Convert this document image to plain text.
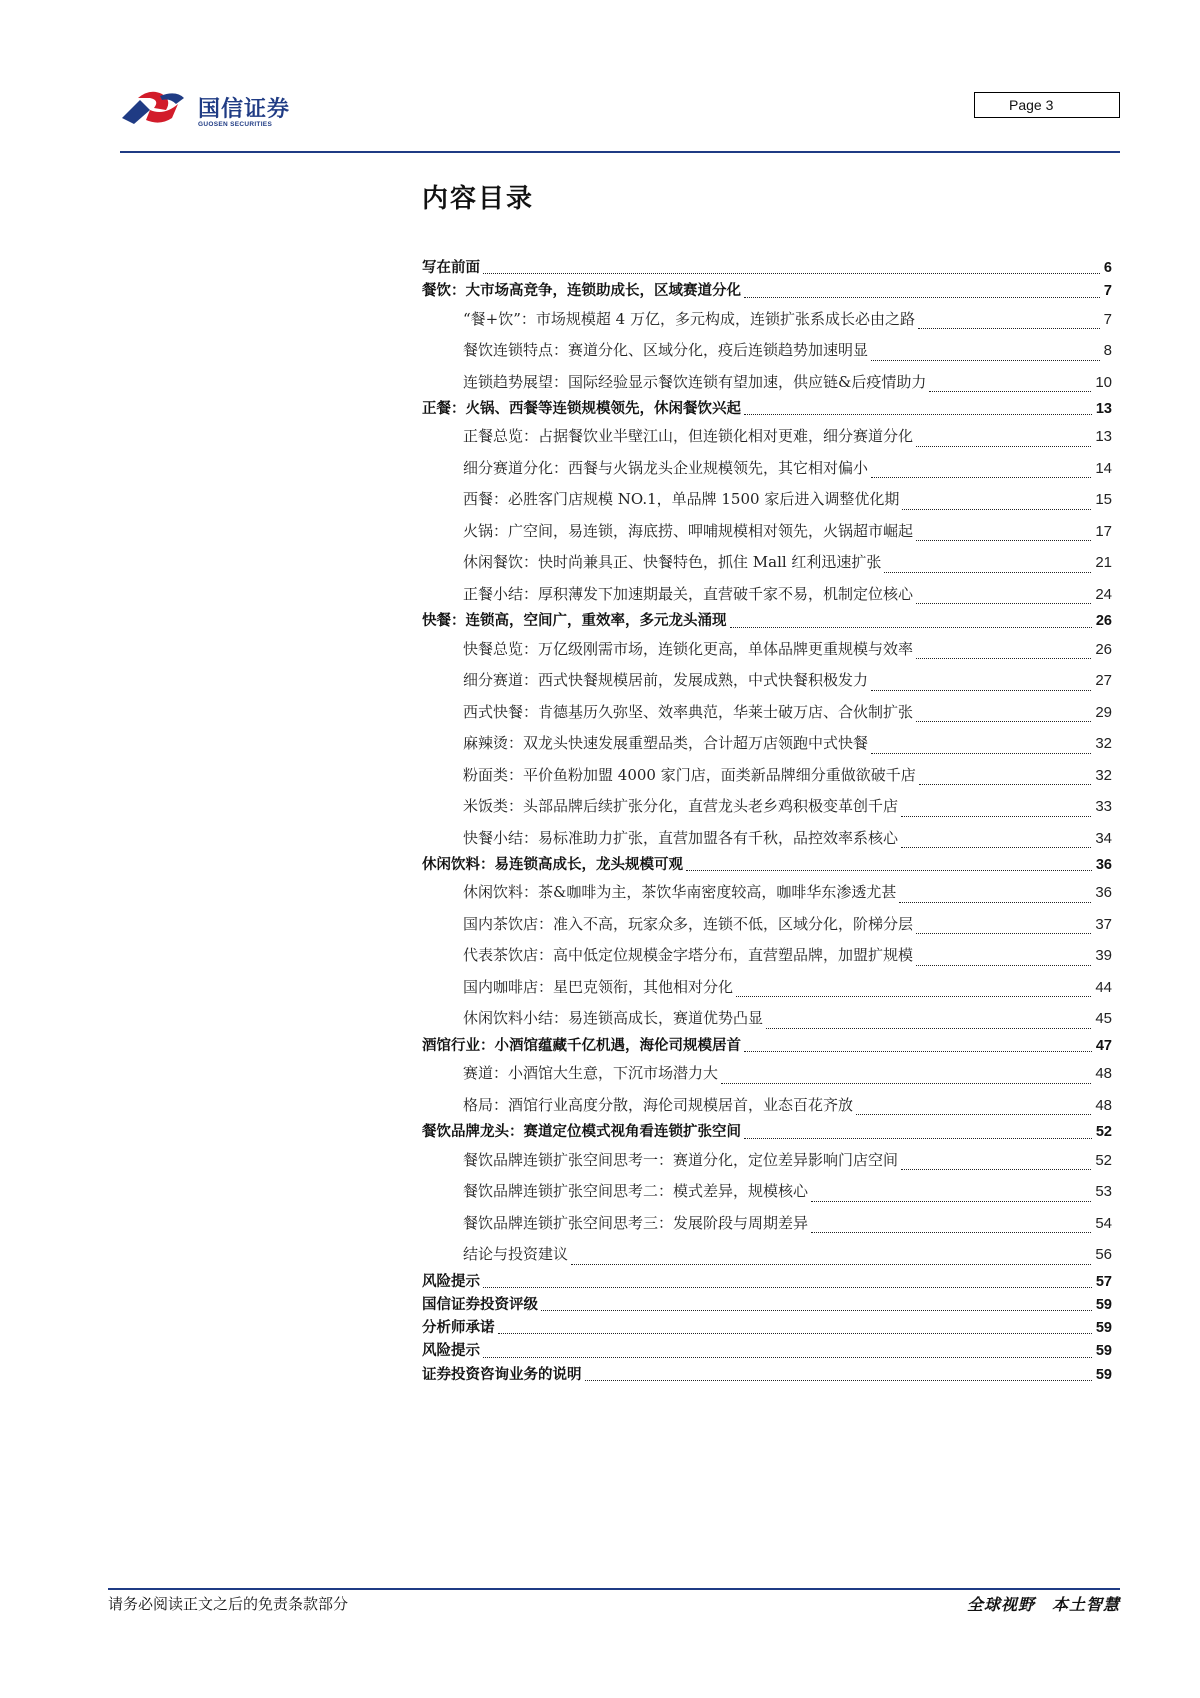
国信证券
GUOSEN SECURITIES
Page 3
内容目录
写在前面	6
餐饮：大市场高竞争，连锁助成长，区域赛道分化	7
“餐+饮”：市场规模超 4 万亿，多元构成，连锁扩张系成长必由之路	7
餐饮连锁特点：赛道分化、区域分化，疫后连锁趋势加速明显	8
连锁趋势展望：国际经验显示餐饮连锁有望加速，供应链&后疫情助力	10
正餐：火锅、西餐等连锁规模领先，休闲餐饮兴起	13
正餐总览：占据餐饮业半壁江山，但连锁化相对更难，细分赛道分化	13
细分赛道分化：西餐与火锅龙头企业规模领先，其它相对偏小	14
西餐：必胜客门店规模 NO.1，单品牌 1500 家后进入调整优化期	15
火锅：广空间，易连锁，海底捞、呷哺规模相对领先，火锅超市崛起	17
休闲餐饮：快时尚兼具正、快餐特色，抓住 Mall 红利迅速扩张	21
正餐小结：厚积薄发下加速期最关，直营破千家不易，机制定位核心	24
快餐：连锁高，空间广，重效率，多元龙头涌现	26
快餐总览：万亿级刚需市场，连锁化更高，单体品牌更重规模与效率	26
细分赛道：西式快餐规模居前，发展成熟，中式快餐积极发力	27
西式快餐：肯德基历久弥坚、效率典范，华莱士破万店、合伙制扩张	29
麻辣烫：双龙头快速发展重塑品类，合计超万店领跑中式快餐	32
粉面类：平价鱼粉加盟 4000 家门店，面类新品牌细分重做欲破千店	32
米饭类：头部品牌后续扩张分化，直营龙头老乡鸡积极变革创千店	33
快餐小结：易标准助力扩张，直营加盟各有千秋，品控效率系核心	34
休闲饮料：易连锁高成长，龙头规模可观	36
休闲饮料：茶&咖啡为主，茶饮华南密度较高，咖啡华东渗透尤甚	36
国内茶饮店：准入不高，玩家众多，连锁不低，区域分化，阶梯分层	37
代表茶饮店：高中低定位规模金字塔分布，直营塑品牌，加盟扩规模	39
国内咖啡店：星巴克领衔，其他相对分化	44
休闲饮料小结：易连锁高成长，赛道优势凸显	45
酒馆行业：小酒馆蕴藏千亿机遇，海伦司规模居首	47
赛道：小酒馆大生意，下沉市场潜力大	48
格局：酒馆行业高度分散，海伦司规模居首，业态百花齐放	48
餐饮品牌龙头：赛道定位模式视角看连锁扩张空间	52
餐饮品牌连锁扩张空间思考一：赛道分化，定位差异影响门店空间	52
餐饮品牌连锁扩张空间思考二：模式差异，规模核心	53
餐饮品牌连锁扩张空间思考三：发展阶段与周期差异	54
结论与投资建议	56
风险提示	57
国信证券投资评级	59
分析师承诺	59
风险提示	59
证券投资咨询业务的说明	59
请务必阅读正文之后的免责条款部分	全球视野　本土智慧
